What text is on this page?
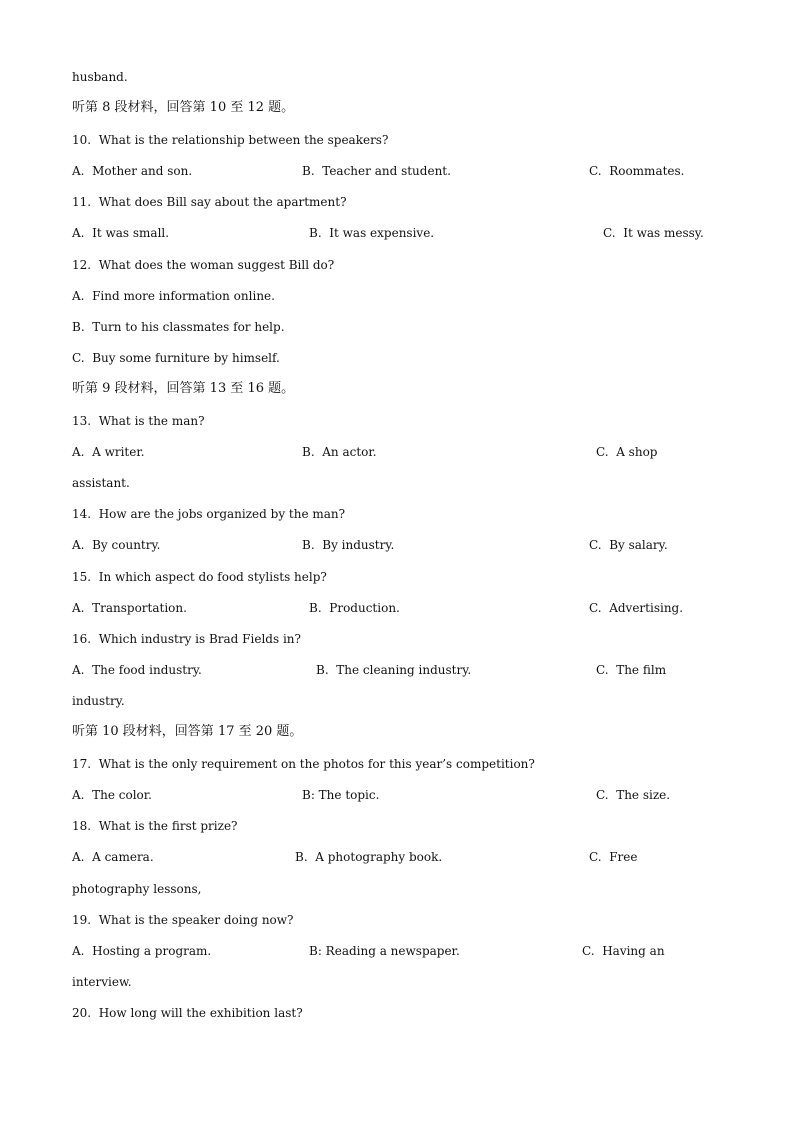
husband.
听第 8 段材料，回答第 10 至 12 题。
10.  What is the relationship between the speakers?
A.  Mother and son.	B.  Teacher and student.	C.  Roommates.
11.  What does Bill say about the apartment?
A.  It was small.	B.  It was expensive.	C.  It was messy.
12.  What does the woman suggest Bill do?
A.  Find more information online.
B.  Turn to his classmates for help.
C.  Buy some furniture by himself.
听第 9 段材料，回答第 13 至 16 题。
13.  What is the man?
A.  A writer.	B.  An actor.	C.  A shop
assistant.
14.  How are the jobs organized by the man?
A.  By country.	B.  By industry.	C.  By salary.
15.  In which aspect do food stylists help?
A.  Transportation.	B.  Production.	C.  Advertising.
16.  Which industry is Brad Fields in?
A.  The food industry.	B.  The cleaning industry.	C.  The film
industry.
听第 10 段材料，回答第 17 至 20 题。
17.  What is the only requirement on the photos for this year’s competition?
A.  The color.	B: The topic.	C.  The size.
18.  What is the first prize?
A.  A camera.	B.  A photography book.	C.  Free
photography lessons,
19.  What is the speaker doing now?
A.  Hosting a program.	B: Reading a newspaper.	C.  Having an
interview.
20.  How long will the exhibition last?
